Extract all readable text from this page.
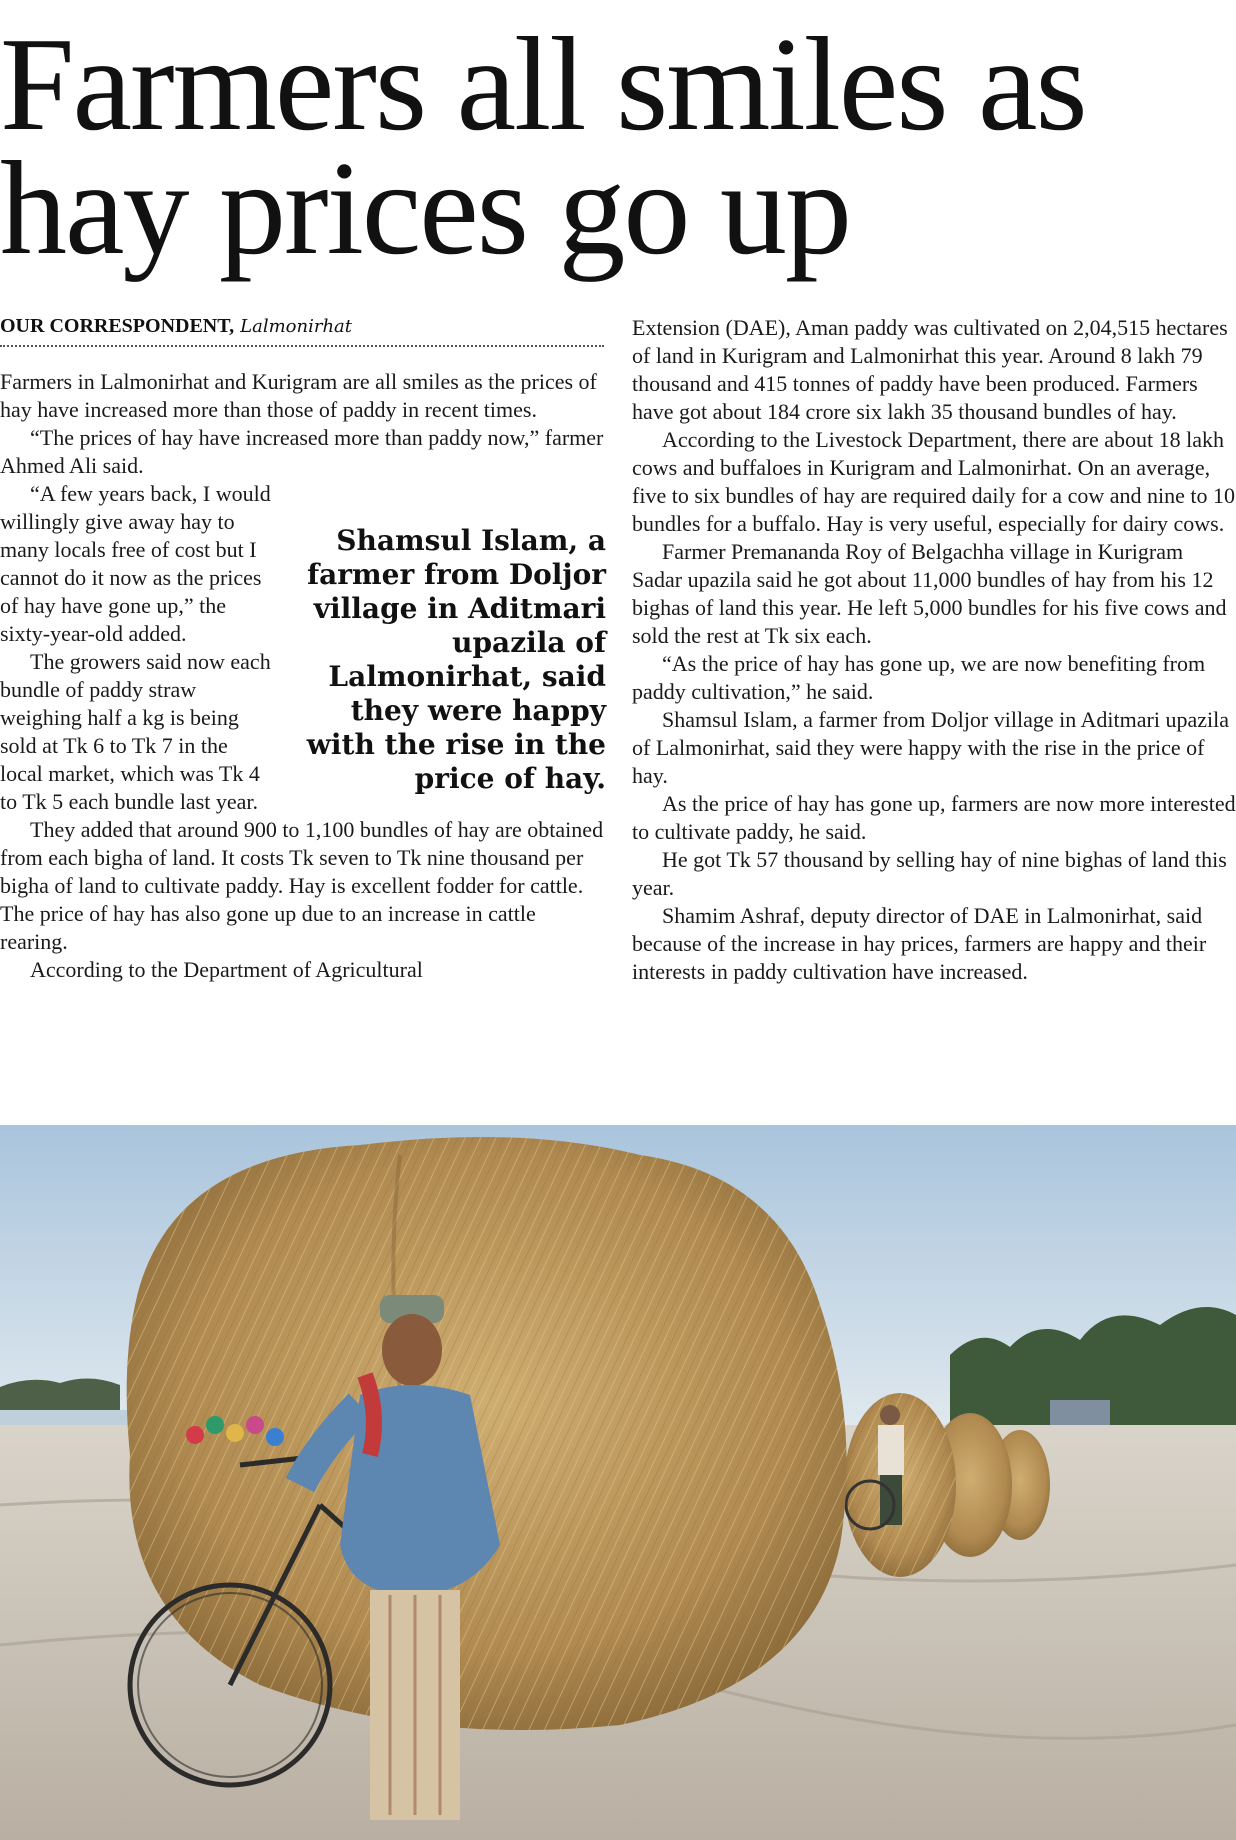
Farmers all smiles as hay prices go up
OUR CORRESPONDENT, Lalmonirhat

Farmers in Lalmonirhat and Kurigram are all smiles as the prices of hay have increased more than those of paddy in recent times.

“The prices of hay have increased more than paddy now,” farmer Ahmed Ali said.

Shamsul Islam, a farmer from Doljor village in Aditmari upazila of Lalmonirhat, said they were happy with the rise in the price of hay.

“A few years back, I would willingly give away hay to many locals free of cost but I cannot do it now as the prices of hay have gone up,” the sixty-year-old added.

The growers said now each bundle of paddy straw weighing half a kg is being sold at Tk 6 to Tk 7 in the local market, which was Tk 4 to Tk 5 each bundle last year.

They added that around 900 to 1,100 bundles of hay are obtained from each bigha of land. It costs Tk seven to Tk nine thousand per bigha of land to cultivate paddy. Hay is excellent fodder for cattle. The price of hay has also gone up due to an increase in cattle rearing.

According to the Department of Agricultural

Extension (DAE), Aman paddy was cultivated on 2,04,515 hectares of land in Kurigram and Lalmonirhat this year. Around 8 lakh 79 thousand and 415 tonnes of paddy have been produced. Farmers have got about 184 crore six lakh 35 thousand bundles of hay.

According to the Livestock Department, there are about 18 lakh cows and buffaloes in Kurigram and Lalmonirhat. On an average, five to six bundles of hay are required daily for a cow and nine to 10 bundles for a buffalo. Hay is very useful, especially for dairy cows.

Farmer Premananda Roy of Belgachha village in Kurigram Sadar upazila said he got about 11,000 bundles of hay from his 12 bighas of land this year. He left 5,000 bundles for his five cows and sold the rest at Tk six each.

“As the price of hay has gone up, we are now benefiting from paddy cultivation,” he said.

Shamsul Islam, a farmer from Doljor village in Aditmari upazila of Lalmonirhat, said they were happy with the rise in the price of hay.

As the price of hay has gone up, farmers are now more interested to cultivate paddy, he said.

He got Tk 57 thousand by selling hay of nine bighas of land this year.

Shamim Ashraf, deputy director of DAE in Lalmonirhat, said because of the increase in hay prices, farmers are happy and their interests in paddy cultivation have increased.
